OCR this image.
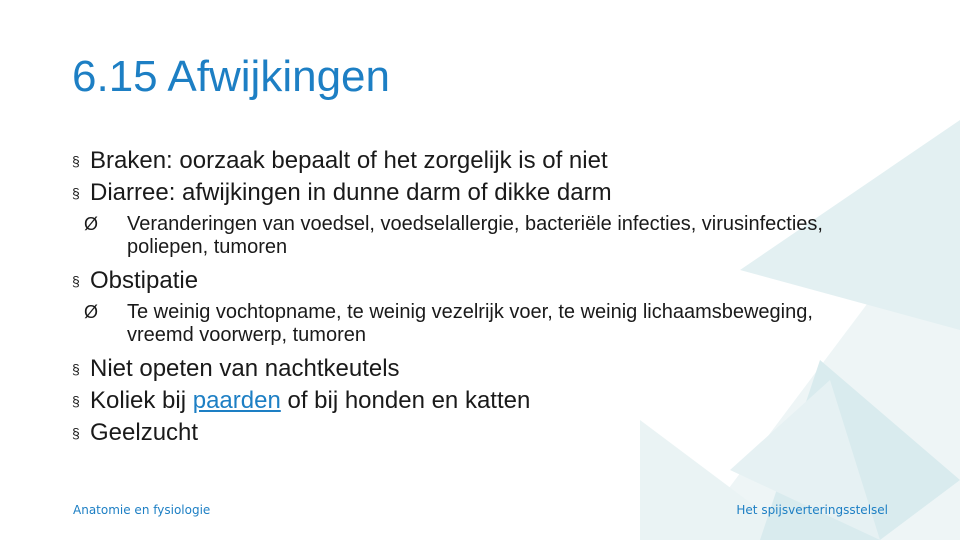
6.15 Afwijkingen
§ Braken: oorzaak bepaalt of het zorgelijk is of niet
§ Diarree: afwijkingen in dunne darm of dikke darm
Ø Veranderingen van voedsel, voedselallergie, bacteriële infecties, virusinfecties, poliepen, tumoren
§ Obstipatie
Ø Te weinig vochtopname, te weinig vezelrijk voer, te weinig lichaamsbeweging, vreemd voorwerp, tumoren
§ Niet opeten van nachtkeutels
§ Koliek bij paarden of bij honden en katten
§ Geelzucht
Anatomie en fysiologie	Het spijsverteringsstelsel
